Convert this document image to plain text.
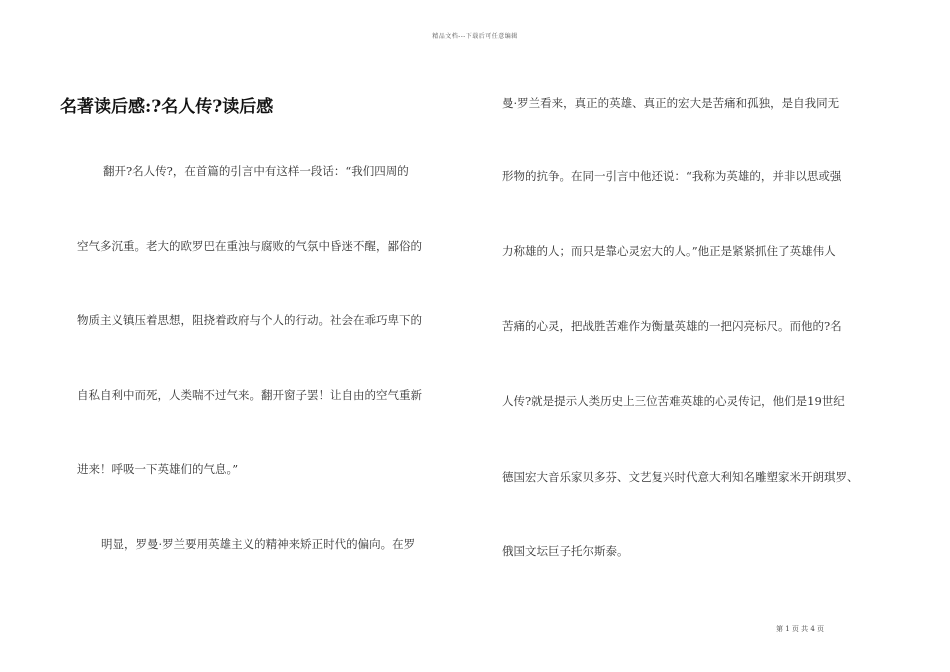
精品文档---下载后可任意编辑
名著读后感:?名人传?读后感
翻开?名人传?，在首篇的引言中有这样一段话：“我们四周的
空气多沉重。老大的欧罗巴在重浊与腐败的气氛中昏迷不醒，鄙俗的
物质主义镇压着思想，阻挠着政府与个人的行动。社会在乖巧卑下的
自私自利中而死，人类喘不过气来。翻开窗子罢！让自由的空气重新
进来！呼吸一下英雄们的气息。”
明显，罗曼·罗兰要用英雄主义的精神来矫正时代的偏向。在罗
曼·罗兰看来，真正的英雄、真正的宏大是苦痛和孤独，是自我同无
形物的抗争。在同一引言中他还说：“我称为英雄的，并非以思或强
力称雄的人；而只是靠心灵宏大的人。”他正是紧紧抓住了英雄伟人
苦痛的心灵，把战胜苦难作为衡量英雄的一把闪亮标尺。而他的?名
人传?就是提示人类历史上三位苦难英雄的心灵传记，他们是19世纪
德国宏大音乐家贝多芬、文艺复兴时代意大利知名雕塑家米开朗琪罗、
俄国文坛巨子托尔斯泰。
第 1 页 共 4 页
